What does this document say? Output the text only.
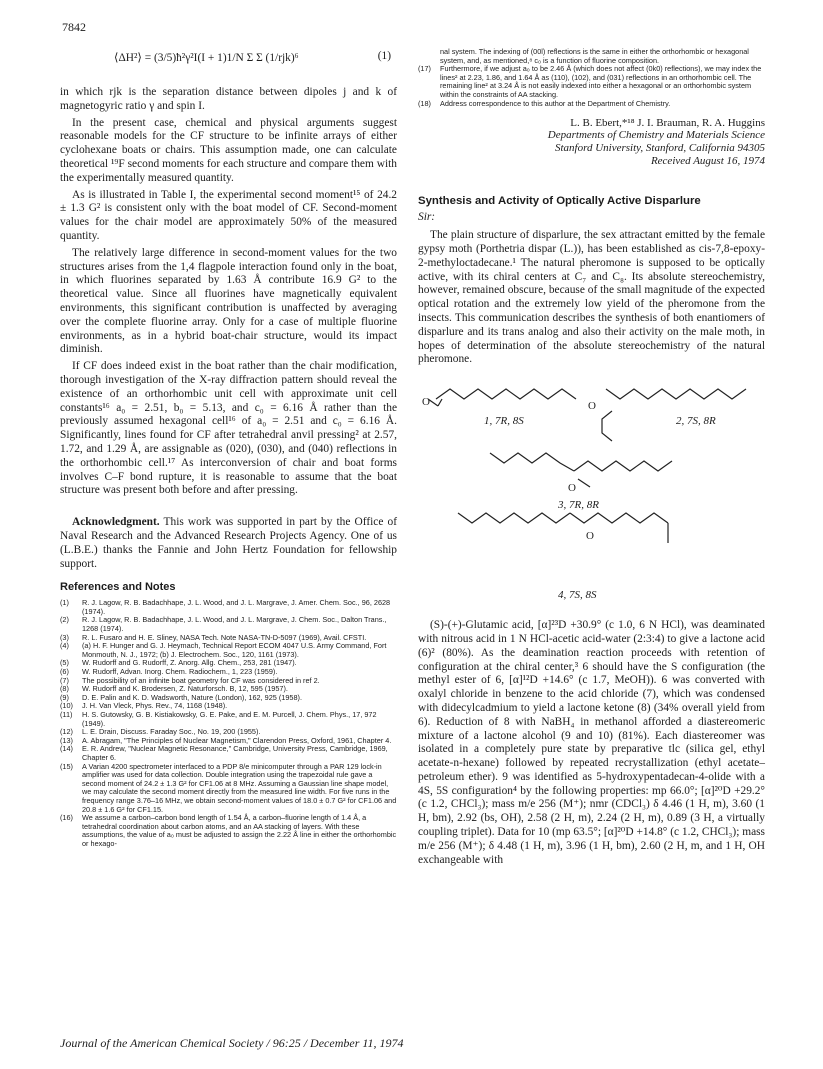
7842
⟨ΔH²⟩ = (3/5)ħ²γ²I(I + 1)1/N Σ Σ (1/rjk)⁶	(1)

in which rjk is the separation distance between dipoles j and k of magnetogyric ratio γ and spin I.

In the present case, chemical and physical arguments suggest reasonable models for the CF structure to be infinite arrays of either cyclohexane boats or chairs. This assumption made, one can calculate theoretical ¹⁹F second moments for each structure and compare them with the experimentally measured quantity.

As is illustrated in Table I, the experimental second moment¹⁵ of 24.2 ± 1.3 G² is consistent only with the boat model of CF. Second-moment values for the chair model are approximately 50% of the measured quantity.

The relatively large difference in second-moment values for the two structures arises from the 1,4 flagpole interaction found only in the boat, in which fluorines separated by 1.63 Å contribute 16.9 G² to the theoretical value. Since all fluorines have magnetically equivalent environments, this significant contribution is unaffected by averaging over the complete fluorine array. Only for a case of multiple fluorine environments, as in a hybrid boat-chair structure, would its impact diminish.

If CF does indeed exist in the boat rather than the chair modification, thorough investigation of the X-ray diffraction pattern should reveal the existence of an orthorhombic unit cell with approximate unit cell constants¹⁶ a₀ = 2.51, b₀ = 5.13, and c₀ = 6.16 Å rather than the previously assumed hexagonal cell¹⁶ of a₀ = 2.51 and c₀ = 6.16 Å. Significantly, lines found for CF after tetrahedral anvil pressing² at 2.57, 1.72, and 1.29 Å, are assignable as (020), (030), and (040) reflections in the orthorhombic cell.¹⁷ As interconversion of chair and boat forms involves C–F bond rupture, it is reasonable to assume that the boat structure was present both before and after pressing.

Acknowledgment. This work was supported in part by the Office of Naval Research and the Advanced Research Projects Agency. One of us (L.B.E.) thanks the Fannie and John Hertz Foundation for fellowship support.

References and Notes
(1)	R. J. Lagow, R. B. Badachhape, J. L. Wood, and J. L. Margrave, J. Amer. Chem. Soc., 96, 2628 (1974).
(2)	R. J. Lagow, R. B. Badachhape, J. L. Wood, and J. L. Margrave, J. Chem. Soc., Dalton Trans., 1268 (1974).
(3)	R. L. Fusaro and H. E. Sliney, NASA Tech. Note NASA-TN-D-5097 (1969), Avail. CFSTI.
(4)	(a) H. F. Hunger and G. J. Heymach, Technical Report ECOM 4047 U.S. Army Command, Fort Monmouth, N. J., 1972; (b) J. Electrochem. Soc., 120, 1161 (1973).
(5)	W. Rudorff and G. Rudorff, Z. Anorg. Allg. Chem., 253, 281 (1947).
(6)	W. Rudorff, Advan. Inorg. Chem. Radiochem., 1, 223 (1959).
(7)	The possibility of an infinite boat geometry for CF was considered in ref 2.
(8)	W. Rudorff and K. Brodersen, Z. Naturforsch. B, 12, 595 (1957).
(9)	D. E. Palin and K. D. Wadsworth, Nature (London), 162, 925 (1958).
(10)	J. H. Van Vleck, Phys. Rev., 74, 1168 (1948).
(11)	H. S. Gutowsky, G. B. Kistiakowsky, G. E. Pake, and E. M. Purcell, J. Chem. Phys., 17, 972 (1949).
(12)	L. E. Drain, Discuss. Faraday Soc., No. 19, 200 (1955).
(13)	A. Abragam, "The Principles of Nuclear Magnetism," Clarendon Press, Oxford, 1961, Chapter 4.
(14)	E. R. Andrew, "Nuclear Magnetic Resonance," Cambridge, University Press, Cambridge, 1969, Chapter 6.
(15)	A Varian 4200 spectrometer interfaced to a PDP 8/e minicomputer through a PAR 129 lock-in amplifier was used for data collection. Double integration using the trapezoidal rule gave a second moment of 24.2 ± 1.3 G² for CF1.06 at 8 MHz. Assuming a Gaussian line shape model, we may calculate the second moment directly from the measured line width. For five runs in the frequency range 3.76–16 MHz, we obtain second-moment values of 18.0 ± 0.7 G² for CF1.06 and 20.8 ± 1.6 G² for CF1.15.
(16)	We assume a carbon–carbon bond length of 1.54 Å, a carbon–fluorine length of 1.4 Å, a tetrahedral coordination about carbon atoms, and an AA stacking of layers. With these assumptions, the value of a₀ must be adjusted to assign the 2.22 Å line in either the orthorhombic or hexago-
nal system. The indexing of (00l) reflections is the same in either the orthorhombic or hexagonal system, and, as mentioned,⁸ c₀ is a function of fluorine composition.
(17)	Furthermore, if we adjust a₀ to be 2.46 Å (which does not affect (0k0) reflections), we may index the lines² at 2.23, 1.86, and 1.64 Å as (110), (102), and (031) reflections in an orthorhombic cell. The remaining line² at 3.24 Å is not easily indexed into either a hexagonal or an orthorhombic system within the constraints of AA stacking.
(18)	Address correspondence to this author at the Department of Chemistry.

L. B. Ebert,*¹⁸ J. I. Brauman, R. A. Huggins

Departments of Chemistry and Materials Science

Stanford University, Stanford, California 94305

Received August 16, 1974

Synthesis and Activity of Optically Active Disparlure
Sir:

The plain structure of disparlure, the sex attractant emitted by the female gypsy moth (Porthetria dispar (L.)), has been established as cis-7,8-epoxy-2-methyloctadecane.¹ The natural pheromone is supposed to be optically active, with its chiral centers at C₇ and C₈. Its absolute stereochemistry, however, remained obscure, because of the small magnitude of the expected optical rotation and the extremely low yield of the pheromone from the insects. This communication describes the synthesis of both enantiomers of disparlure and its trans analog and also their activity on the male moth, in hopes of determination of the absolute stereochemistry of the natural pheromone.

O	O
O
O
1, 7R, 8S	2, 7S, 8R
3, 7R, 8R
4, 7S, 8S

(S)-(+)-Glutamic acid, [α]²³D +30.9° (c 1.0, 6 N HCl), was deaminated with nitrous acid in 1 N HCl-acetic acid-water (2:3:4) to give a lactone acid (6)² (80%). As the deamination reaction proceeds with retention of configuration at the chiral center,³ 6 should have the S configuration (the methyl ester of 6, [α]¹²D +14.6° (c 1.7, MeOH)). 6 was converted with oxalyl chloride in benzene to the acid chloride (7), which was condensed with didecylcadmium to yield a lactone ketone (8) (34% overall yield from 6). Reduction of 8 with NaBH₄ in methanol afforded a diastereomeric mixture of a lactone alcohol (9 and 10) (81%). Each diastereomer was isolated in a completely pure state by preparative tlc (silica gel, ethyl acetate-n-hexane) followed by repeated recrystallization (ethyl acetate–petroleum ether). 9 was identified as 5-hydroxypentadecan-4-olide with a 4S, 5S configuration⁴ by the following properties: mp 66.0°; [α]²⁰D +29.2° (c 1.2, CHCl₃); mass m/e 256 (M⁺); nmr (CDCl₃) δ 4.46 (1 H, m), 3.60 (1 H, bm), 2.92 (bs, OH), 2.58 (2 H, m), 2.24 (2 H, m), 0.89 (3 H, a virtually coupling triplet). Data for 10 (mp 63.5°; [α]²⁰D +14.8° (c 1.2, CHCl₃); mass m/e 256 (M⁺); δ 4.48 (1 H, m), 3.96 (1 H, bm), 2.60 (2 H, m, and 1 H, OH exchangeable with

Journal of the American Chemical Society / 96:25 / December 11, 1974
